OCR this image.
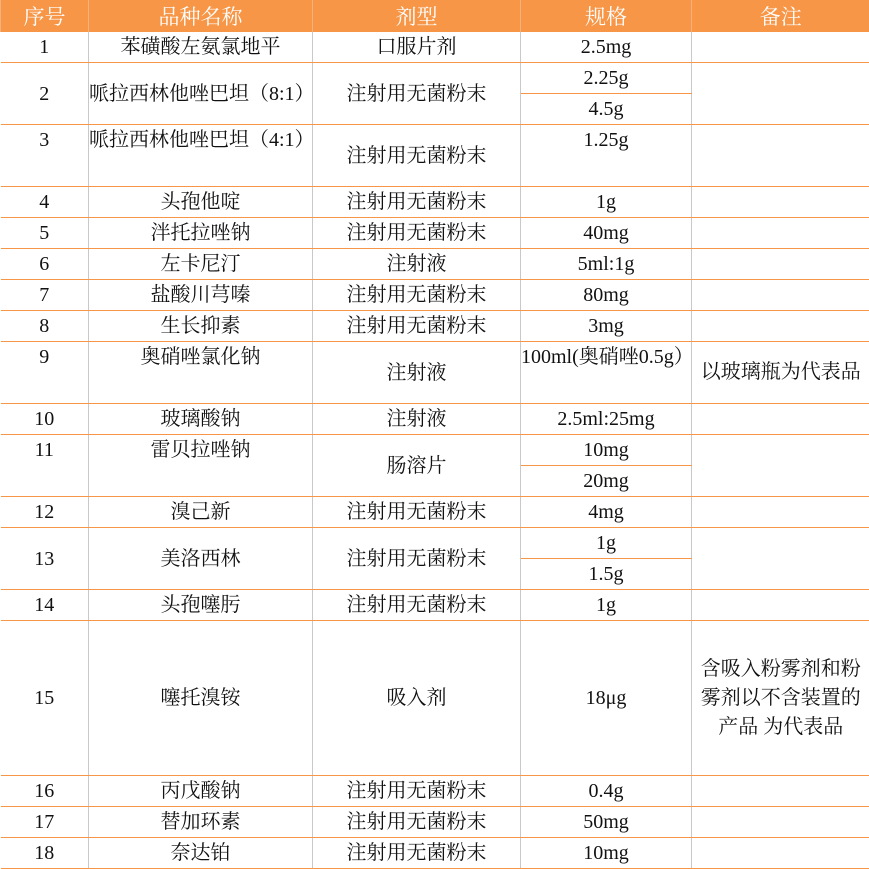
序号	品种名称	剂型	规格	备注
1	苯磺酸左氨氯地平	口服片剂	2.5mg	
2	哌拉西林他唑巴坦（8:1）	注射用无菌粉末	2.25g	
			4.5g	
3	哌拉西林他唑巴坦（4:1）	注射用无菌粉末	1.25g	
4	头孢他啶	注射用无菌粉末	1g	
5	泮托拉唑钠	注射用无菌粉末	40mg	
6	左卡尼汀	注射液	5ml:1g	
7	盐酸川芎嗪	注射用无菌粉末	80mg	
8	生长抑素	注射用无菌粉末	3mg	
9	奥硝唑氯化钠	注射液	100ml(奥硝唑0.5g）	以玻璃瓶为代表品
10	玻璃酸钠	注射液	2.5ml:25mg	
11	雷贝拉唑钠	肠溶片	10mg	
			20mg	
12	溴己新	注射用无菌粉末	4mg	
13	美洛西林	注射用无菌粉末	1g	
			1.5g	
14	头孢噻肟	注射用无菌粉末	1g	
15	噻托溴铵	吸入剂	18μg	含吸入粉雾剂和粉 雾剂以不含装置的产品 为代表品
16	丙戊酸钠	注射用无菌粉末	0.4g	
17	替加环素	注射用无菌粉末	50mg	
18	奈达铂	注射用无菌粉末	10mg	
